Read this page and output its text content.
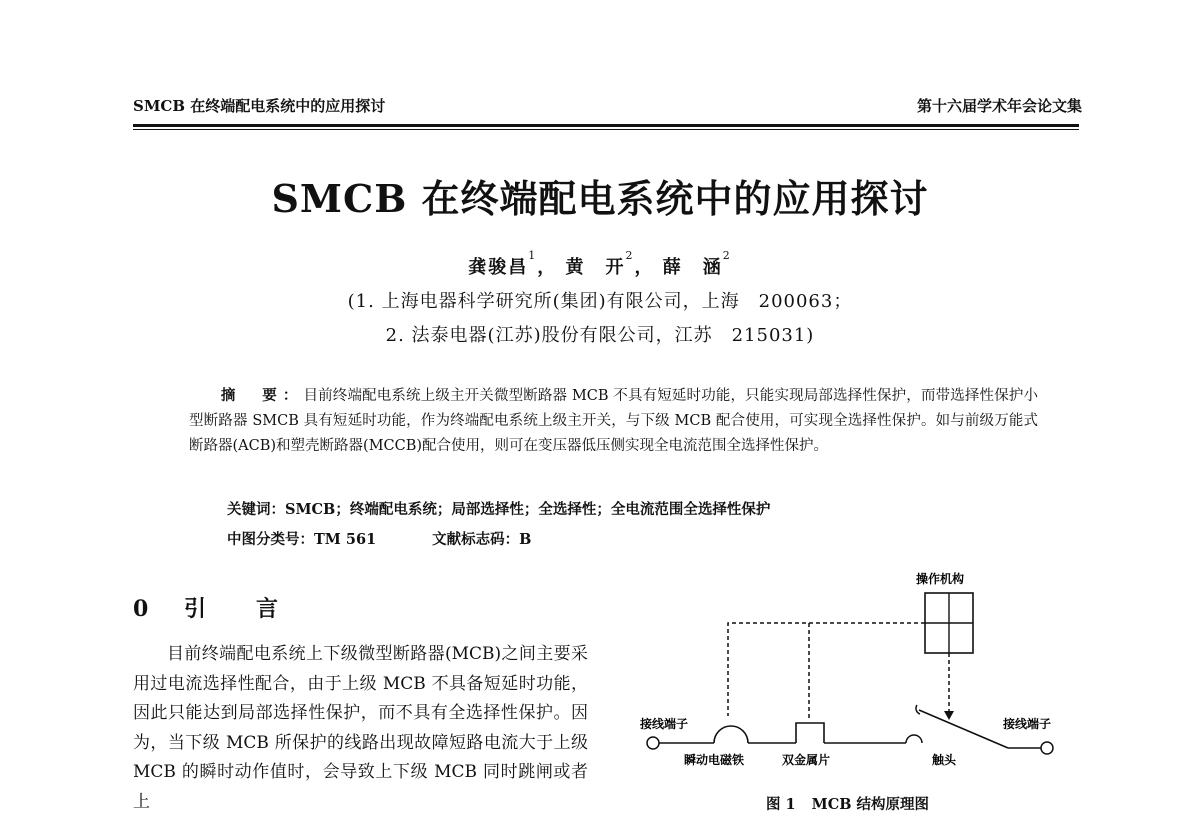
SMCB 在终端配电系统中的应用探讨	第十六届学术年会论文集
SMCB 在终端配电系统中的应用探讨
龚骏昌$^1$， 黄　开$^2$， 薛　涵$^2$
(1. 上海电器科学研究所(集团)有限公司，上海　200063；
2. 法泰电器(江苏)股份有限公司，江苏　215031)
摘　要：目前终端配电系统上级主开关微型断路器 MCB 不具有短延时功能，只能实现局部选择性保护，而带选择性保护小型断路器 SMCB 具有短延时功能，作为终端配电系统上级主开关，与下级 MCB 配合使用，可实现全选择性保护。如与前级万能式断路器(ACB)和塑壳断路器(MCCB)配合使用，则可在变压器低压侧实现全电流范围全选择性保护。
关键词：SMCB；终端配电系统；局部选择性；全选择性；全电流范围全选择性保护
中图分类号：TM 561	文献标志码：B
0 引　言
目前终端配电系统上下级微型断路器(MCB)之间主要采用过电流选择性配合，由于上级 MCB 不具备短延时功能，因此只能达到局部选择性保护，而不具有全选择性保护。因为，当下级 MCB 所保护的线路出现故障短路电流大于上级 MCB 的瞬时动作值时，会导致上下级 MCB 同时跳闸或者上
操作机构
接线端子	接线端子
瞬动电磁铁	双金属片	触头
图 1 MCB 结构原理图
